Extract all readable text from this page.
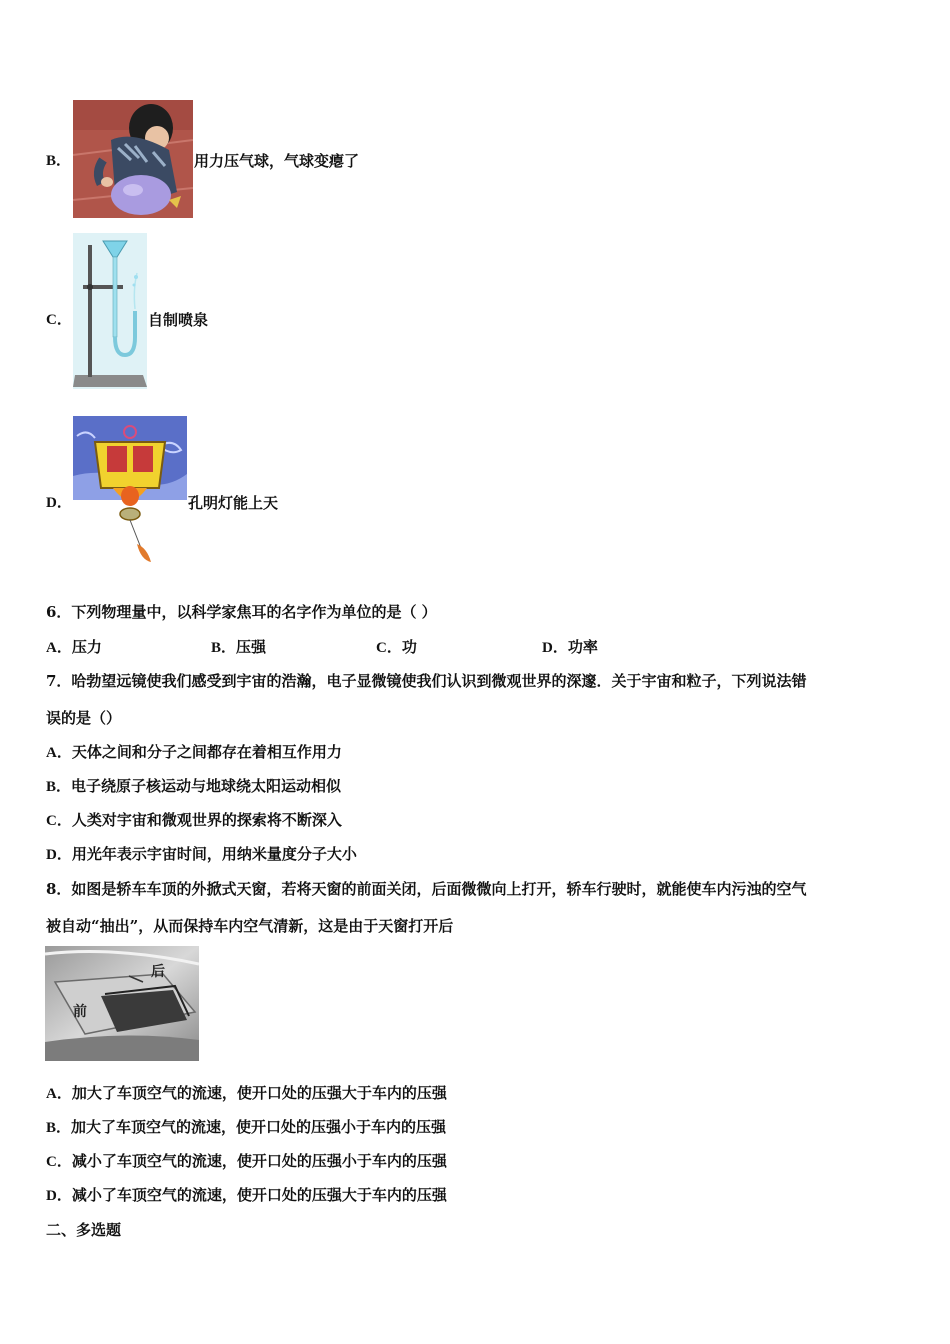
B．	用力压气球，气球变瘪了
C．	自制喷泉
D．	孔明灯能上天
6．下列物理量中，以科学家焦耳的名字作为单位的是（ ）
A．压力	B．压强	C．功	D．功率
7．哈勃望远镜使我们感受到宇宙的浩瀚，电子显微镜使我们认识到微观世界的深邃．关于宇宙和粒子，下列说法错
误的是（）
A．天体之间和分子之间都存在着相互作用力
B．电子绕原子核运动与地球绕太阳运动相似
C．人类对宇宙和微观世界的探索将不断深入
D．用光年表示宇宙时间，用纳米量度分子大小
8．如图是轿车车顶的外掀式天窗，若将天窗的前面关闭，后面微微向上打开，轿车行驶时，就能使车内污浊的空气
被自动“抽出”，从而保持车内空气清新，这是由于天窗打开后
后
前
A．加大了车顶空气的流速，使开口处的压强大于车内的压强
B．加大了车顶空气的流速，使开口处的压强小于车内的压强
C．减小了车顶空气的流速，使开口处的压强小于车内的压强
D．减小了车顶空气的流速，使开口处的压强大于车内的压强
二、多选题
